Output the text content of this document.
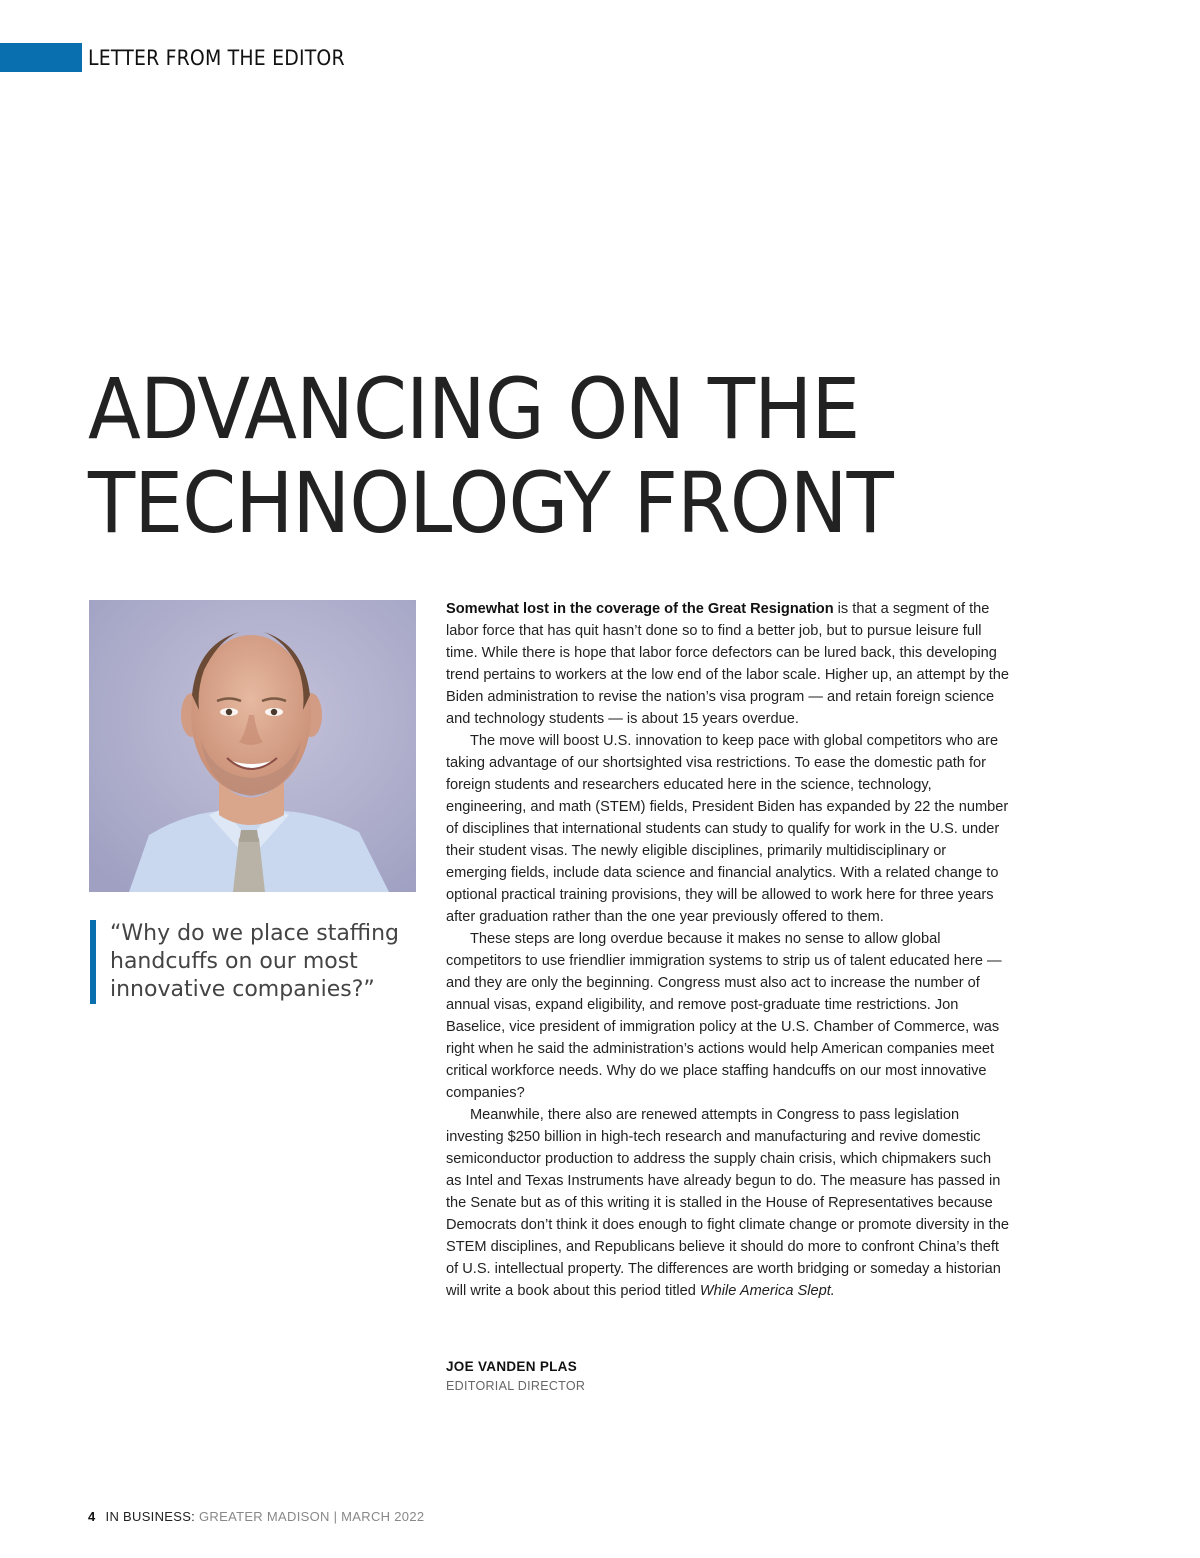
LETTER FROM THE EDITOR
ADVANCING ON THE
TECHNOLOGY FRONT
“Why do we place staffing
handcuffs on our most
innovative companies?”

Somewhat lost in the coverage of the Great Resignation is that a segment of the labor force that has quit hasn’t done so to find a better job, but to pursue leisure full time. While there is hope that labor force defectors can be lured back, this developing trend pertains to workers at the low end of the labor scale. Higher up, an attempt by the Biden administration to revise the nation’s visa program — and retain foreign science and technology students — is about 15 years overdue.

The move will boost U.S. innovation to keep pace with global competitors who are taking advantage of our shortsighted visa restrictions. To ease the domestic path for foreign students and researchers educated here in the science, technology, engineering, and math (STEM) fields, President Biden has expanded by 22 the number of disciplines that international students can study to qualify for work in the U.S. under their student visas. The newly eligible disciplines, primarily multidisciplinary or emerging fields, include data science and financial analytics. With a related change to optional practical training provisions, they will be allowed to work here for three years after graduation rather than the one year previously offered to them.

These steps are long overdue because it makes no sense to allow global competitors to use friendlier immigration systems to strip us of talent educated here — and they are only the beginning. Congress must also act to increase the number of annual visas, expand eligibility, and remove post-graduate time restrictions. Jon Baselice, vice president of immigration policy at the U.S. Chamber of Commerce, was right when he said the administration’s actions would help American companies meet critical workforce needs. Why do we place staffing handcuffs on our most innovative companies?

Meanwhile, there also are renewed attempts in Congress to pass legislation investing $250 billion in high-tech research and manufacturing and revive domestic semiconductor production to address the supply chain crisis, which chipmakers such as Intel and Texas Instruments have already begun to do. The measure has passed in the Senate but as of this writing it is stalled in the House of Representatives because Democrats don’t think it does enough to fight climate change or promote diversity in the STEM disciplines, and Republicans believe it should do more to confront China’s theft of U.S. intellectual property. The differences are worth bridging or someday a historian will write a book about this period titled While America Slept.

JOE VANDEN PLAS
EDITORIAL DIRECTOR
4 IN BUSINESS: GREATER MADISON | MARCH 2022
